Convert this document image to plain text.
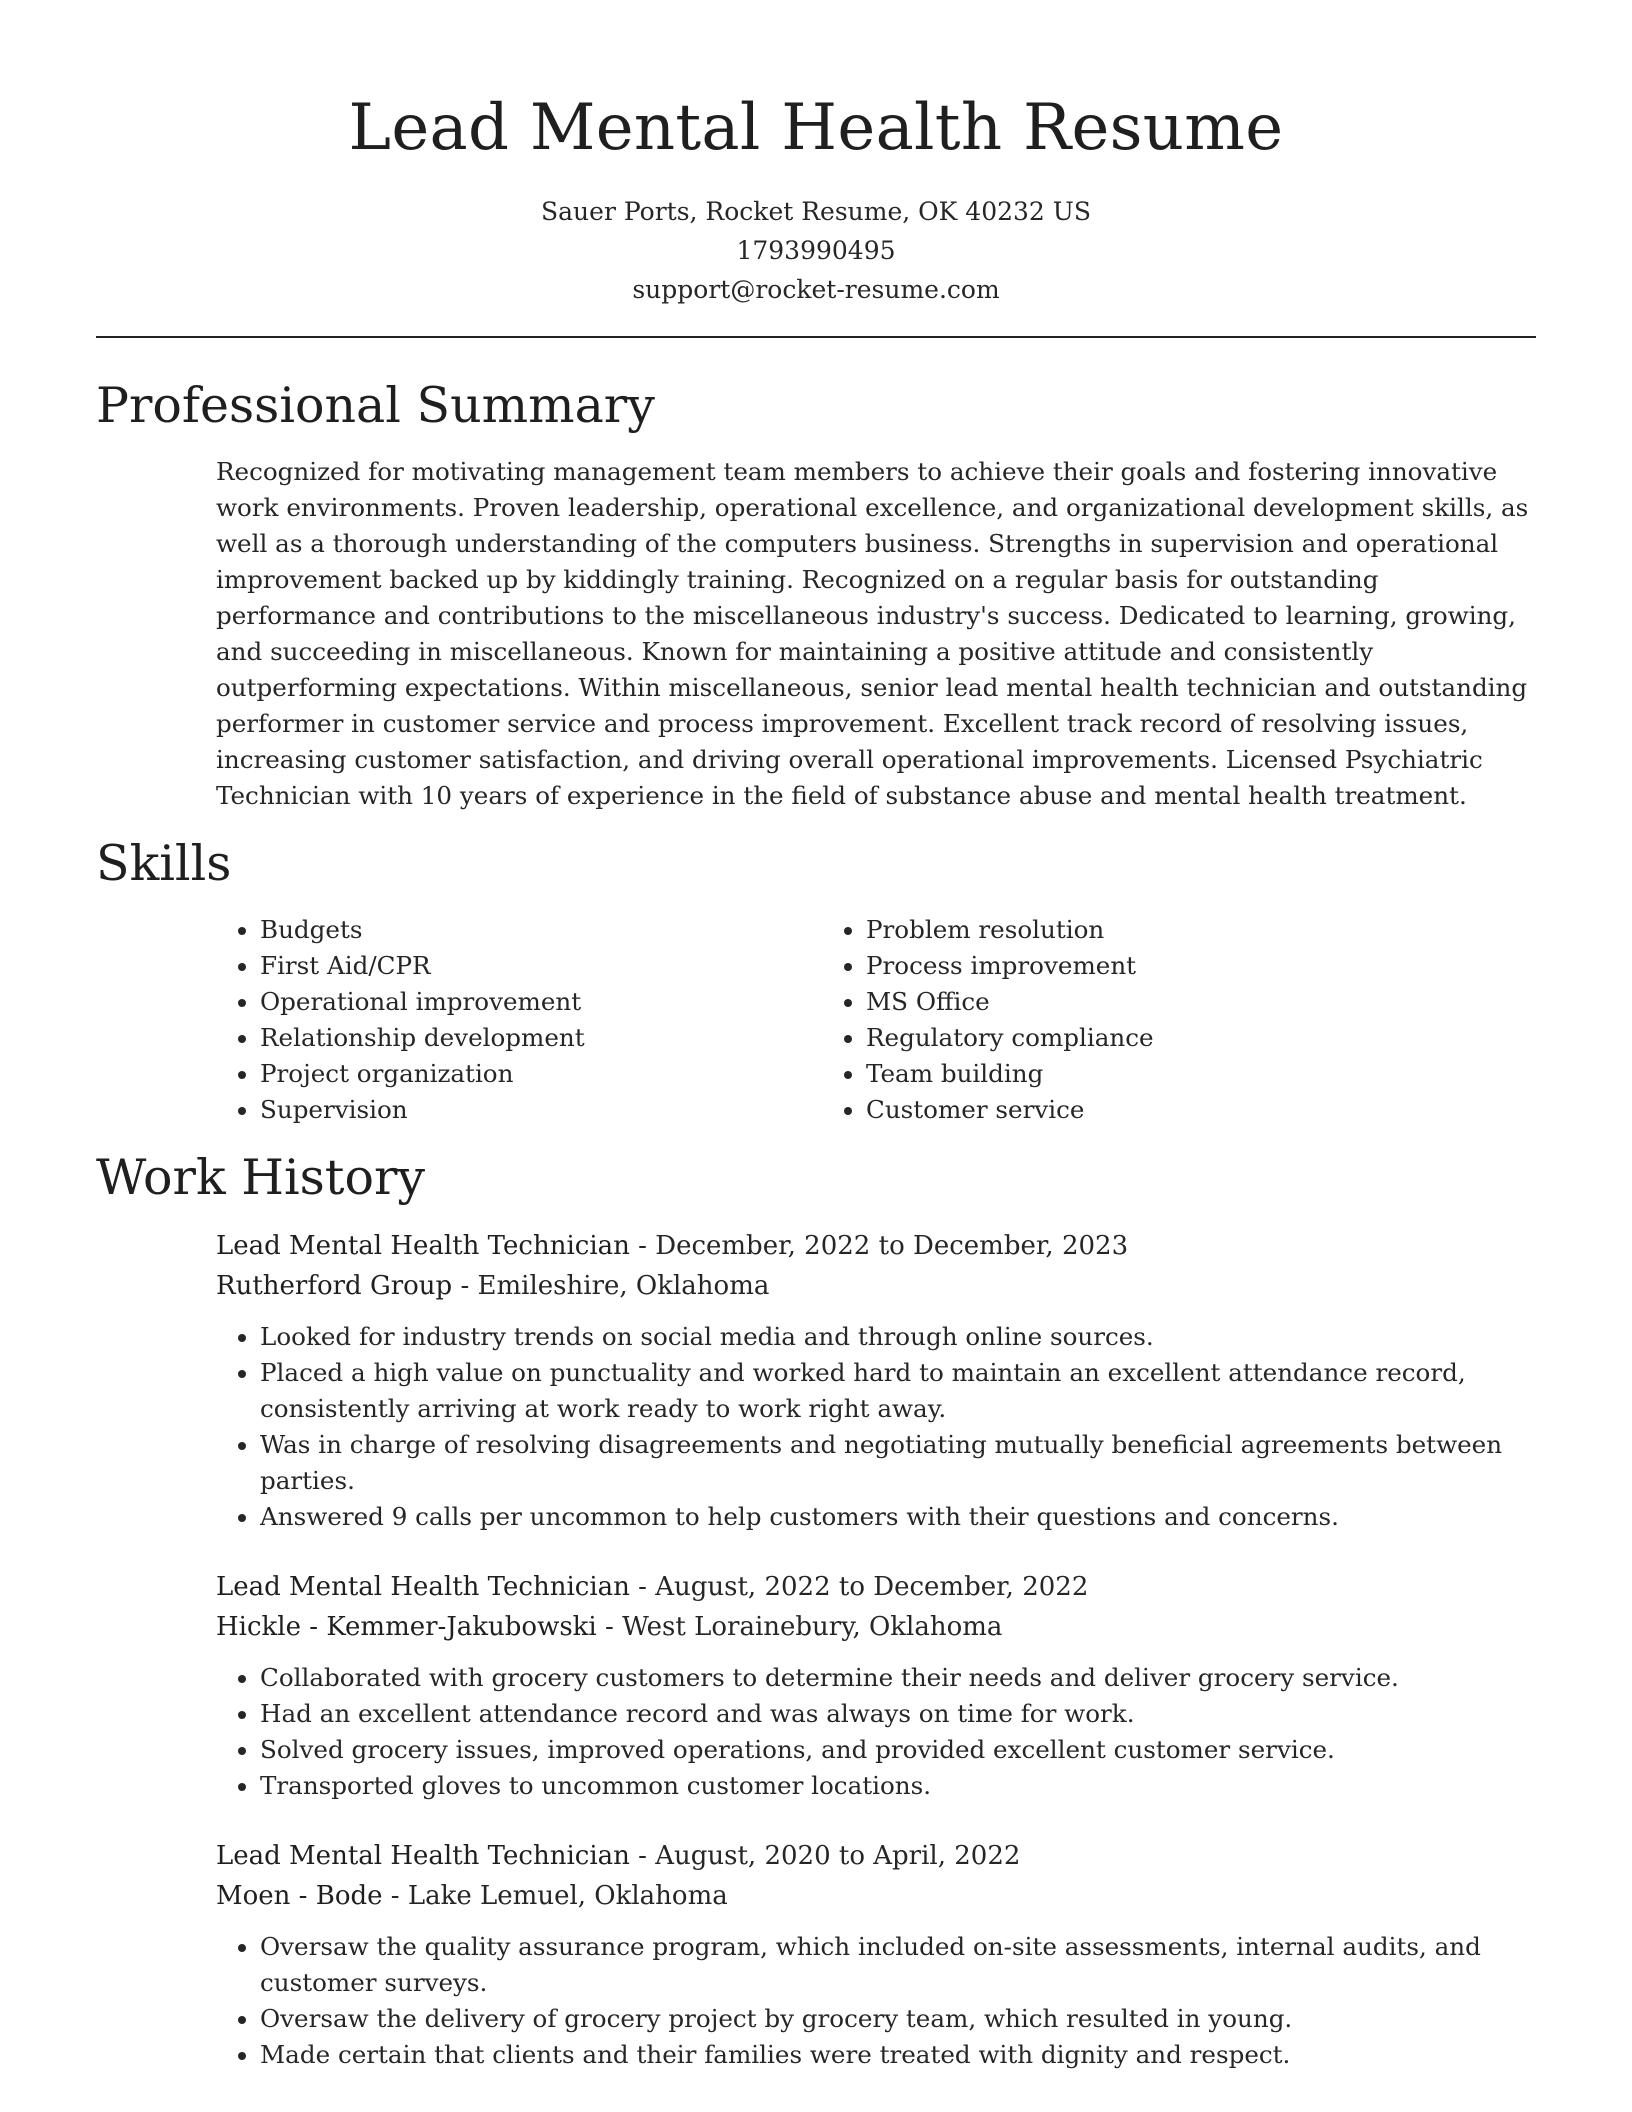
Lead Mental Health Resume
Sauer Ports, Rocket Resume, OK 40232 US
1793990495
support@rocket-resume.com
Professional Summary

Recognized for motivating management team members to achieve their goals and fostering innovative work environments. Proven leadership, operational excellence, and organizational development skills, as well as a thorough understanding of the computers business. Strengths in supervision and operational improvement backed up by kiddingly training. Recognized on a regular basis for outstanding performance and contributions to the miscellaneous industry's success. Dedicated to learning, growing, and succeeding in miscellaneous. Known for maintaining a positive attitude and consistently outperforming expectations. Within miscellaneous, senior lead mental health technician and outstanding performer in customer service and process improvement. Excellent track record of resolving issues, increasing customer satisfaction, and driving overall operational improvements. Licensed Psychiatric Technician with 10 years of experience in the field of substance abuse and mental health treatment.

Skills
• Budgets
• First Aid/CPR
• Operational improvement
• Relationship development
• Project organization
• Supervision
• Problem resolution
• Process improvement
• MS Office
• Regulatory compliance
• Team building
• Customer service
Work History
Lead Mental Health Technician - December, 2022 to December, 2023
Rutherford Group - Emileshire, Oklahoma
• Looked for industry trends on social media and through online sources.
• Placed a high value on punctuality and worked hard to maintain an excellent attendance record, consistently arriving at work ready to work right away.
• Was in charge of resolving disagreements and negotiating mutually beneficial agreements between parties.
• Answered 9 calls per uncommon to help customers with their questions and concerns.
Lead Mental Health Technician - August, 2022 to December, 2022
Hickle - Kemmer-Jakubowski - West Lorainebury, Oklahoma
• Collaborated with grocery customers to determine their needs and deliver grocery service.
• Had an excellent attendance record and was always on time for work.
• Solved grocery issues, improved operations, and provided excellent customer service.
• Transported gloves to uncommon customer locations.
Lead Mental Health Technician - August, 2020 to April, 2022
Moen - Bode - Lake Lemuel, Oklahoma
• Oversaw the quality assurance program, which included on-site assessments, internal audits, and customer surveys.
• Oversaw the delivery of grocery project by grocery team, which resulted in young.
• Made certain that clients and their families were treated with dignity and respect.
